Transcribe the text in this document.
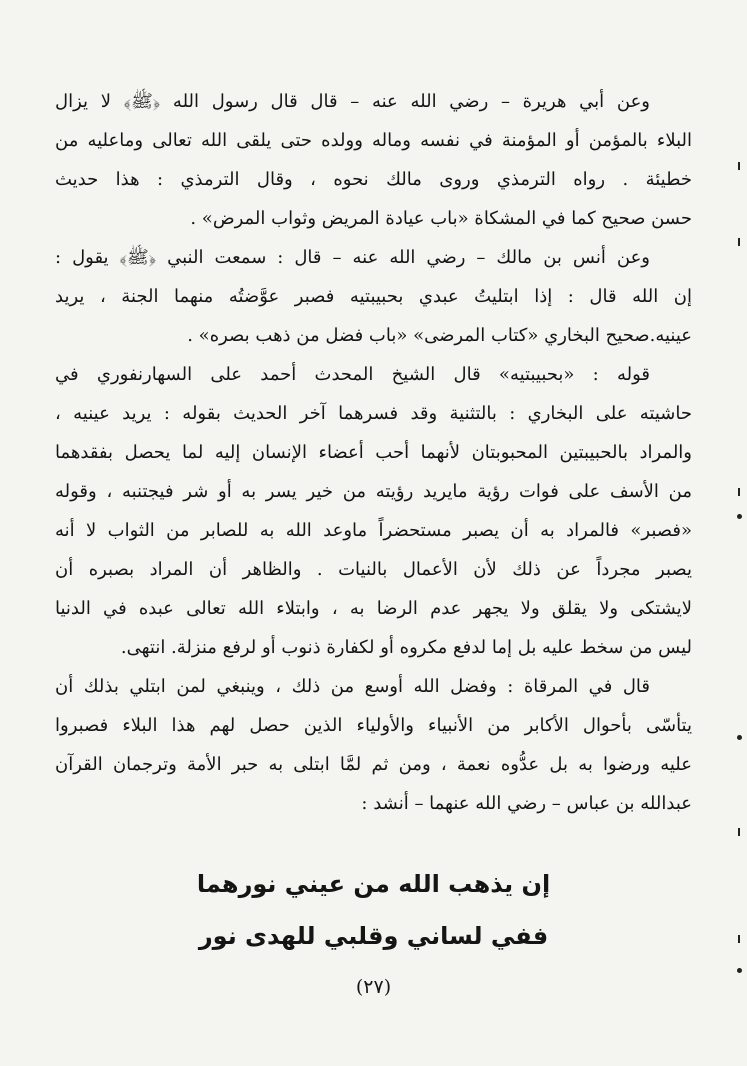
وعن أبي هريرة – رضي الله عنه – قال قال رسول الله ﴿ﷺ﴾ لا يزال
البلاء بالمؤمن أو المؤمنة في نفسه وماله وولده حتى يلقى الله تعالى وماعليه من
خطيئة . رواه الترمذي وروى مالك نحوه ، وقال الترمذي : هذا حديث
حسن صحيح كما في المشكاة «باب عيادة المريض وثواب المرض» .
وعن أنس بن مالك – رضي الله عنه – قال : سمعت النبي ﴿ﷺ﴾ يقول :
إن الله قال : إذا ابتليتُ عبدي بحبيبتيه فصبر عوَّضتُه منهما الجنة ، يريد
عينيه.صحيح البخاري «كتاب المرضى» «باب فضل من ذهب بصره» .
قوله : «بحبيبتيه» قال الشيخ المحدث أحمد على السهارنفوري في
حاشيته على البخاري : بالتثنية وقد فسرهما آخر الحديث بقوله : يريد عينيه ،
والمراد بالحبيبتين المحبوبتان لأنهما أحب أعضاء الإنسان إليه لما يحصل بفقدهما
من الأسف على فوات رؤية مايريد رؤيته من خير يسر به أو شر فيجتنبه ، وقوله
«فصبر» فالمراد به أن يصبر مستحضراً ماوعد الله به للصابر من الثواب لا أنه
يصبر مجرداً عن ذلك لأن الأعمال بالنيات . والظاهر أن المراد بصبره أن
لايشتكى ولا يقلق ولا يجهر عدم الرضا به ، وابتلاء الله تعالى عبده في الدنيا
ليس من سخط عليه بل إما لدفع مكروه أو لكفارة ذنوب أو لرفع منزلة. انتهى.
قال في المرقاة : وفضل الله أوسع من ذلك ، وينبغي لمن ابتلي بذلك أن
يتأسّى بأحوال الأكابر من الأنبياء والأولياء الذين حصل لهم هذا البلاء فصبروا
عليه ورضوا به بل عدُّوه نعمة ، ومن ثم لمَّا ابتلى به حبر الأمة وترجمان القرآن
عبدالله بن عباس – رضي الله عنهما – أنشد :
إن يذهب الله من عيني نورهما
ففي لساني وقلبي للهدى نور
(٢٧)
